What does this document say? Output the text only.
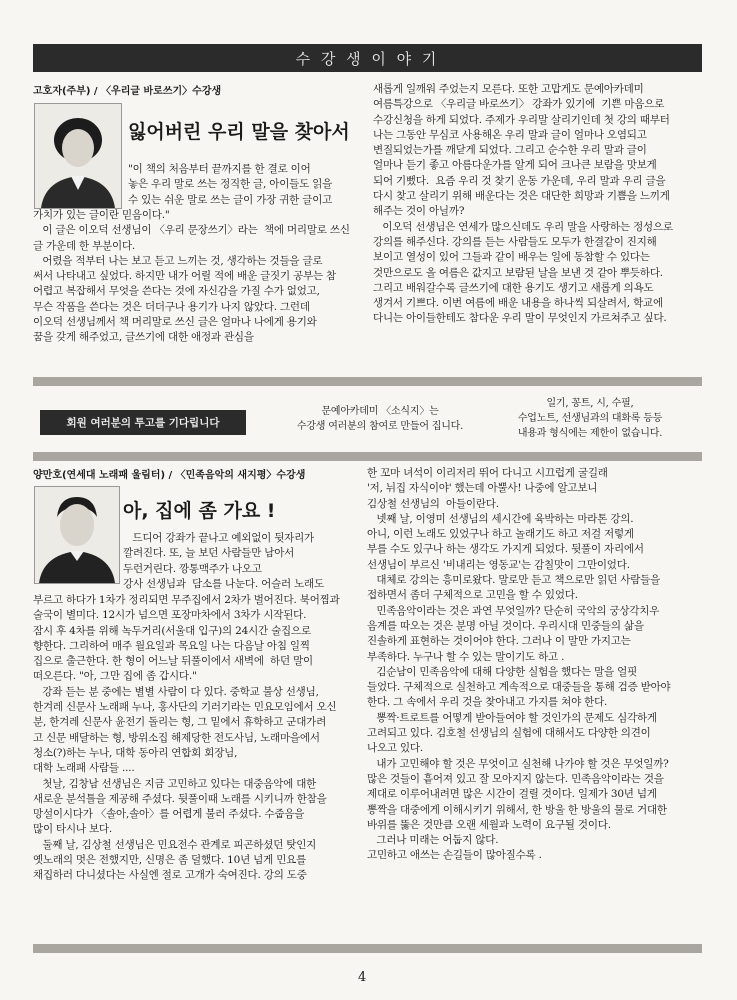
수 강 생 이 야 기
고호자(주부) / 〈우리글 바로쓰기〉수강생
잃어버린 우리 말을 찾아서
"이 책의 처음부터 끝까지를 한 결로 이어
놓은 우리 말로 쓰는 정직한 글, 아이들도 읽을
수 있는 쉬운 말로 쓰는 글이 가장 귀한 글이고
가치가 있는 글이란 믿음이다."
이 글은 이오덕 선생님이 〈우리 문장쓰기〉라는  책에 머리말로 쓰신
글 가운데 한 부분이다.
어렸을 적부터 나는 보고 듣고 느끼는 것, 생각하는 것들을 글로
써서 나타내고 싶었다. 하지만 내가 어릴 적에 배운 글짓기 공부는 참
어렵고 복잡해서 무엇을 쓴다는 것에 자신감을 가질 수가 없었고,
무슨 작품을 쓴다는 것은 더더구나 용기가 나지 않았다. 그런데
이오덕 선생님께서 책 머리말로 쓰신 글은 얼마나 나에게 용기와
꿈을 갖게 해주었고, 글쓰기에 대한 애정과 관심을
새롭게 일깨워 주었는지 모른다. 또한 고맙게도 문예아카데미
여름특강으로 〈우리글 바로쓰기〉 강좌가 있기에  기쁜 마음으로
수강신청을 하게 되었다. 주제가 우리말 살리기인데 첫 강의 때부터
나는 그동안 무심코 사용해온 우리 말과 글이 얼마나 오염되고
변질되었는가를 깨닫게 되었다. 그리고 순수한 우리 말과 글이
얼마나 듣기 좋고 아름다운가를 알게 되어 크나큰 보람을 맛보게
되어 기뻤다.  요즘 우리 것 찾기 운동 가운데, 우리 말과 우리 글을
다시 찾고 살리기 위해 배운다는 것은 대단한 희망과 기쁨을 느끼게
해주는 것이 아닐까?
이오덕 선생님은 연세가 많으신데도 우리 말을 사랑하는 정성으로
강의를 해주신다. 강의를 듣는 사람들도 모두가 한결같이 진지해
보이고 열성이 있어 그들과 같이 배우는 일에 동참할 수 있다는
것만으로도 올 여름은 값지고 보람된 날을 보낸 것 같아 뿌듯하다.
그리고 배워갈수록 글쓰기에 대한 용기도 생기고 새롭게 의욕도
생겨서 기쁘다. 이번 여름에 배운 내용을 하나씩 되살려서, 학교에
다니는 아이들한테도 참다운 우리 말이 무엇인지 가르쳐주고 싶다.
회원 여러분의 투고를 기다립니다
문예아카데미 〈소식지〉는
수강생 여러분의 참여로 만들어 집니다.
일기, 꽁트, 시, 수필,
수업노트, 선생님과의 대화록 등등
내용과 형식에는 제한이 없습니다.
양만호(연세대 노래패 울림터) / 〈민족음악의 새지평〉수강생
아, 집에 좀 가요 !
드디어 강좌가 끝나고 예외없이 뒷자리가
깔려진다. 또, 늘 보던 사람들만 남아서
두런거린다. 깡통맥주가 나오고
강사 선생님과  담소를 나눈다. 어슬러 노래도
부르고 하다가 1차가 정리되면 무주집에서 2차가 벌어진다. 북어찜과
술국이 별미다. 12시가 넘으면 포장마차에서 3차가 시작된다.
잠시 후 4차를 위해 녹두거리(서울대 입구)의 24시간 술집으로
향한다. 그리하여 매주 월요일과 목요일 나는 다음날 아침 일찍
집으로 출근한다. 한 형이 어느날 뒤풀이에서 새벽에  하던 말이
떠오른다. "아, 그만 집에 좀 갑시다."
강좌 듣는 분 중에는 별별 사람이 다 있다. 중학교 불상 선생님,
한겨레 신문사 노래패 누나, 홍사단의 기러기라는 민요모임에서 오신
분, 한겨레 신문사 윤전기 돌리는 형, 그 밑에서 휴학하고 군대가려
고 신문 배달하는 형, 방위소집 해제당한 전도사님, 노래마을에서
청소(?)하는 누나, 대학 동아리 연합회 회장님,
대학 노래패 사람들 ....
첫날, 김창남 선생님은 지금 고민하고 있다는 대중음악에 대한
새로운 분석틀을 제공해 주셨다. 뒷풀이때 노래를 시키니까 한참을
망설이시다가 〈솔아,솔아〉를 어렵게 불러 주셨다. 수줍음을
많이 타시나 보다.
둘째 날, 김상철 선생님은 민요전수 관계로 피곤하셨던 탓인지
옛노래의 멋은 전했지만, 신명은 좀 덜했다. 10년 넘게 민요를
채집하러 다니셨다는 사실엔 절로 고개가 숙여진다. 강의 도중
한 꼬마 녀석이 이리저리 뛰어 다니고 시끄럽게 굴길래
'저, 뉘집 자식이야' 했는데 아뿔사! 나중에 알고보니
김상철 선생님의  아들이란다.
넷째 날, 이영미 선생님의 세시간에 육박하는 마라톤 강의.
아니, 이런 노래도 있었구나 하고 놀래기도 하고 저걸 저렇게
부를 수도 있구나 하는 생각도 가지게 되었다. 뒷풀이 자리에서
선생님이 부르신 '비내리는 영동교'는 감칠맛이 그만이었다.
대체로 강의는 흥미로왔다. 말로만 듣고 책으로만 읽던 사람들을
접하면서 좀더 구체적으로 고민을 할 수 있었다.
민족음악이라는 것은 과연 무엇일까? 단순히 국악의 궁상각치우
음계를 따오는 것은 분명 아닐 것이다. 우리시대 민중들의 삶을
진솔하게 표현하는 것이어야 한다. 그러나 이 말만 가지고는
부족하다. 누구나 할 수 있는 말이기도 하고 .
김순남이 민족음악에 대해 다양한 실험을 했다는 말을 얼핏
들었다. 구체적으로 실천하고 계속적으로 대중들을 통해 검증 받아야
한다. 그 속에서 우리 것을 찾아내고 가지를 쳐야 한다.
뽕짝·트로트를 어떻게 받아들여야 할 것인가의 문제도 심각하게
고려되고 있다. 김호철 선생님의 실험에 대해서도 다양한 의견이
나오고 있다.
내가 고민해야 할 것은 무엇이고 실천해 나가야 할 것은 무엇일까?
많은 것들이 흩어져 있고 잘 모아지지 않는다. 민족음악이라는 것을
제대로 이루어내려면 많은 시간이 걸릴 것이다. 일제가 30년 넘게
뽕짝을 대중에게 이해시키기 위해서, 한 방울 한 방울의 물로 거대한
바위를 뚫은 것만큼 오랜 세월과 노력이 요구될 것이다.
그러나 미래는 어둡지 않다.
고민하고 애쓰는 손길들이 많아질수록 .
4
